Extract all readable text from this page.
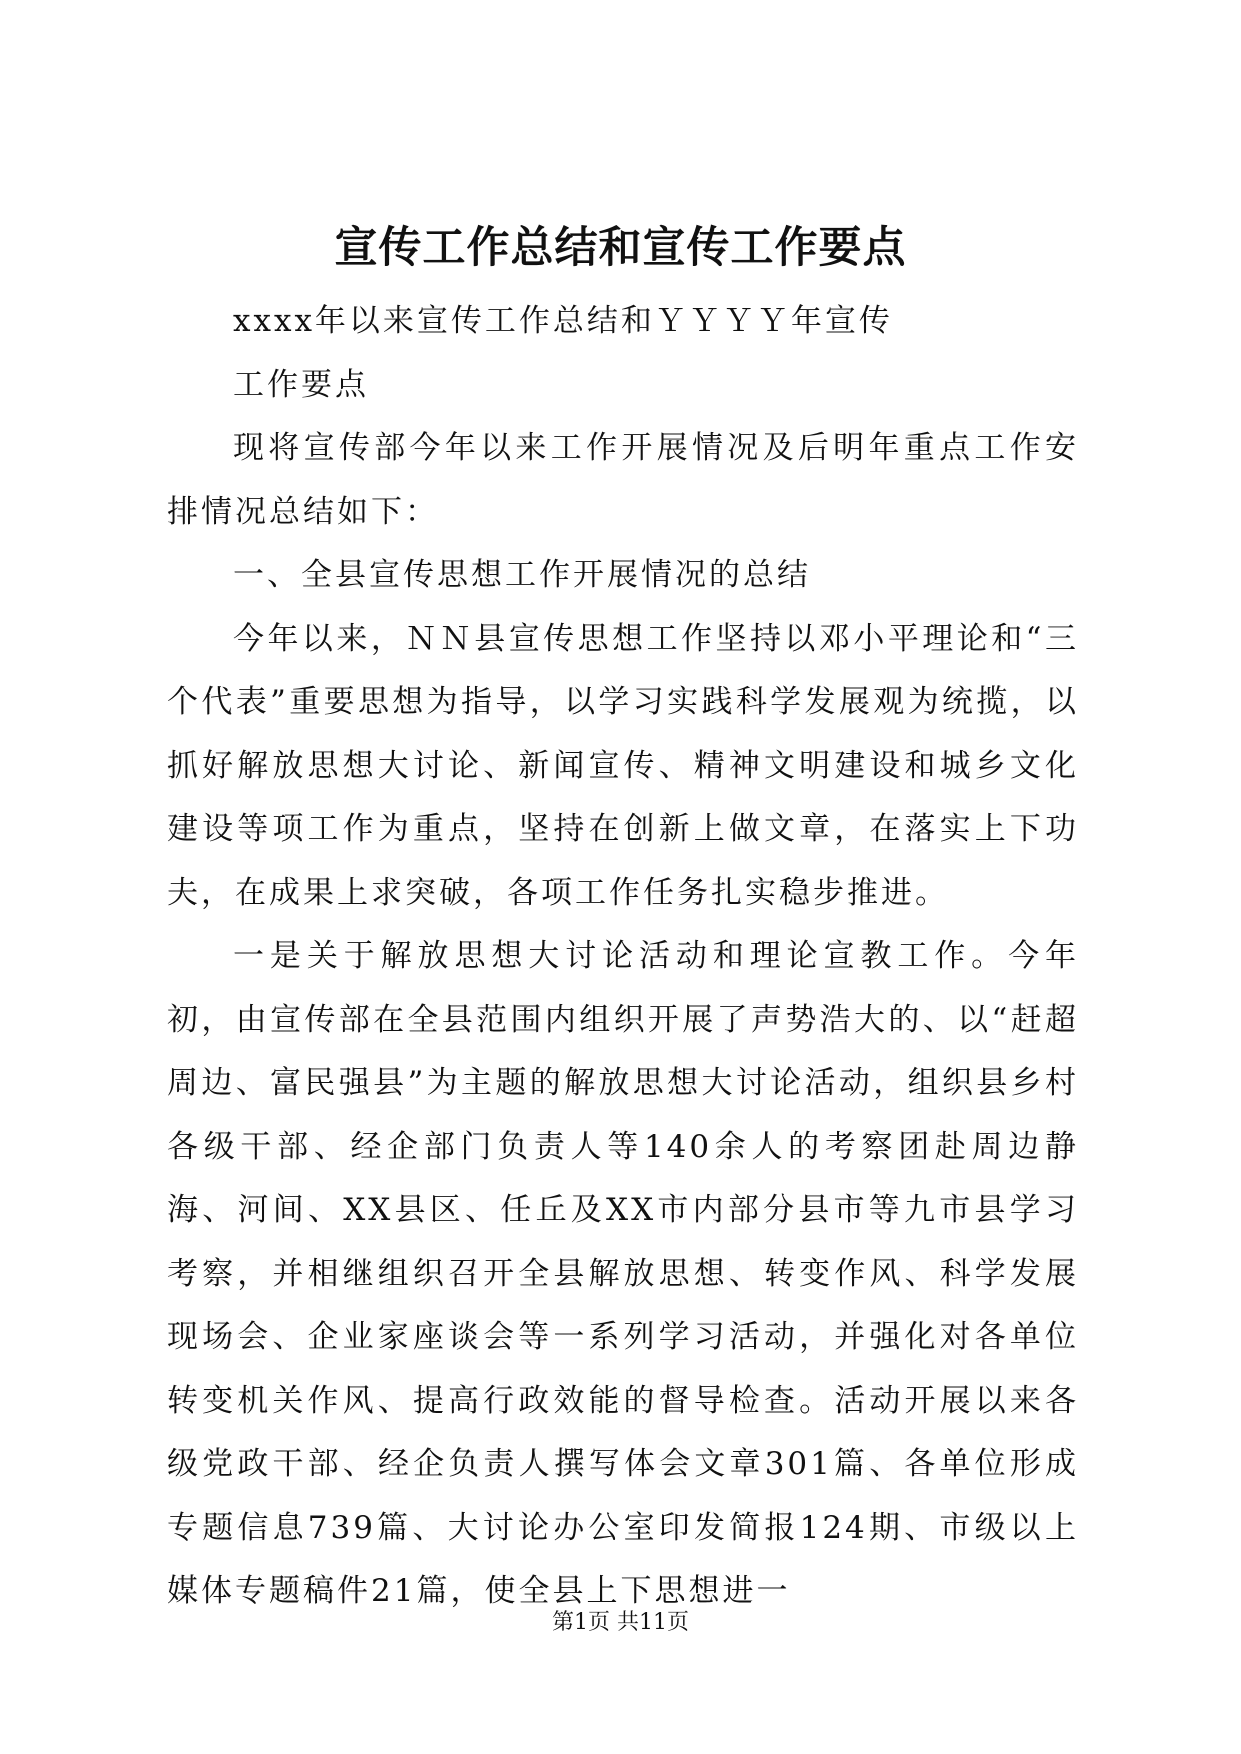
宣传工作总结和宣传工作要点

xxxx年以来宣传工作总结和ＹＹＹＹ年宣传

工作要点

现将宣传部今年以来工作开展情况及后明年重点工作安排情况总结如下：

一、全县宣传思想工作开展情况的总结

今年以来，ＮＮ县宣传思想工作坚持以邓小平理论和“三个代表”重要思想为指导，以学习实践科学发展观为统揽，以抓好解放思想大讨论、新闻宣传、精神文明建设和城乡文化建设等项工作为重点，坚持在创新上做文章，在落实上下功夫，在成果上求突破，各项工作任务扎实稳步推进。

一是关于解放思想大讨论活动和理论宣教工作。今年初，由宣传部在全县范围内组织开展了声势浩大的、以“赶超周边、富民强县”为主题的解放思想大讨论活动，组织县乡村各级干部、经企部门负责人等140余人的考察团赴周边静海、河间、XX县区、任丘及XX市内部分县市等九市县学习考察，并相继组织召开全县解放思想、转变作风、科学发展现场会、企业家座谈会等一系列学习活动，并强化对各单位转变机关作风、提高行政效能的督导检查。活动开展以来各级党政干部、经企负责人撰写体会文章301篇、各单位形成专题信息739篇、大讨论办公室印发简报124期、市级以上媒体专题稿件21篇，使全县上下思想进一

第1页 共11页
